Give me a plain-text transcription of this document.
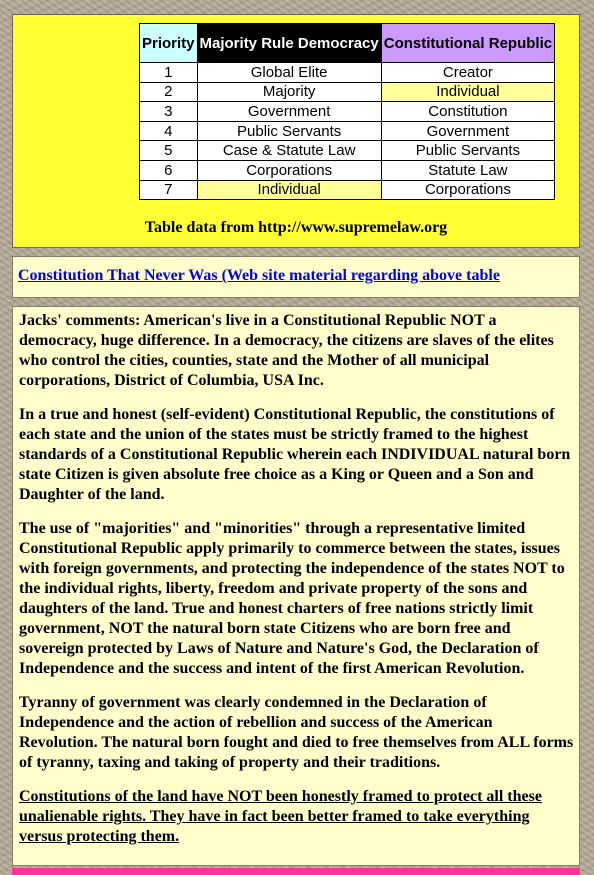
Priority	Majority Rule Democracy	Constitutional Republic
1	Global Elite	Creator
2	Majority	Individual
3	Government	Constitution
4	Public Servants	Government
5	Case & Statute Law	Public Servants
6	Corporations	Statute Law
7	Individual	Corporations
Table data from http://www.supremelaw.org
Constitution That Never Was (Web site material regarding above table

Jacks' comments: American's live in a Constitutional Republic NOT a democracy, huge difference. In a democracy, the citizens are slaves of the elites who control the cities, counties, state and the Mother of all municipal corporations, District of Columbia, USA Inc.

In a true and honest (self-evident) Constitutional Republic, the constitutions of each state and the union of the states must be strictly framed to the highest standards of a Constitutional Republic wherein each INDIVIDUAL natural born state Citizen is given absolute free choice as a King or Queen and a Son and Daughter of the land.

The use of "majorities" and "minorities" through a representative limited Constitutional Republic apply primarily to commerce between the states, issues with foreign governments, and protecting the independence of the states NOT to the individual rights, liberty, freedom and private property of the sons and daughters of the land. True and honest charters of free nations strictly limit government, NOT the natural born state Citizens who are born free and sovereign protected by Laws of Nature and Nature's God, the Declaration of Independence and the success and intent of the first American Revolution.

Tyranny of government was clearly condemned in the Declaration of Independence and the action of rebellion and success of the American Revolution. The natural born fought and died to free themselves from ALL forms of tyranny, taxing and taking of property and their traditions.

Constitutions of the land have NOT been honestly framed to protect all these unalienable rights. They have in fact been better framed to take everything versus protecting them.
